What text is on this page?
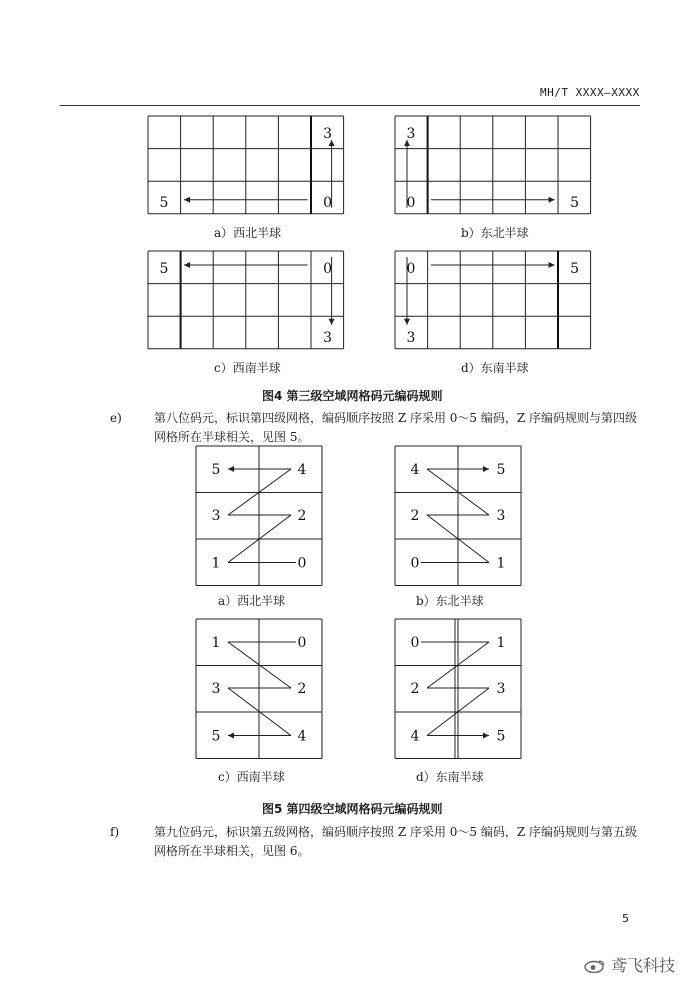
MH/T XXXX—XXXX
3
0
5
a）西北半球
3
0	5
b）东北半球
5	0
3
c）西南半球
0	5
3
d）东南半球
图4 第三级空域网格码元编码规则
e)	第八位码元，标识第四级网格，编码顺序按照 Z 序采用 0～5 编码，Z 序编码规则与第四级网格所在半球相关，见图 5。
5	4
3	2
1	0
a）西北半球
4	5
2	3
0	1
b）东北半球
1	0
3	2
5	4
c）西南半球
0	1
2	3
4	5
d）东南半球
图5 第四级空域网格码元编码规则
f)	第九位码元，标识第五级网格，编码顺序按照 Z 序采用 0～5 编码，Z 序编码规则与第五级网格所在半球相关，见图 6。
5
鸢飞科技
